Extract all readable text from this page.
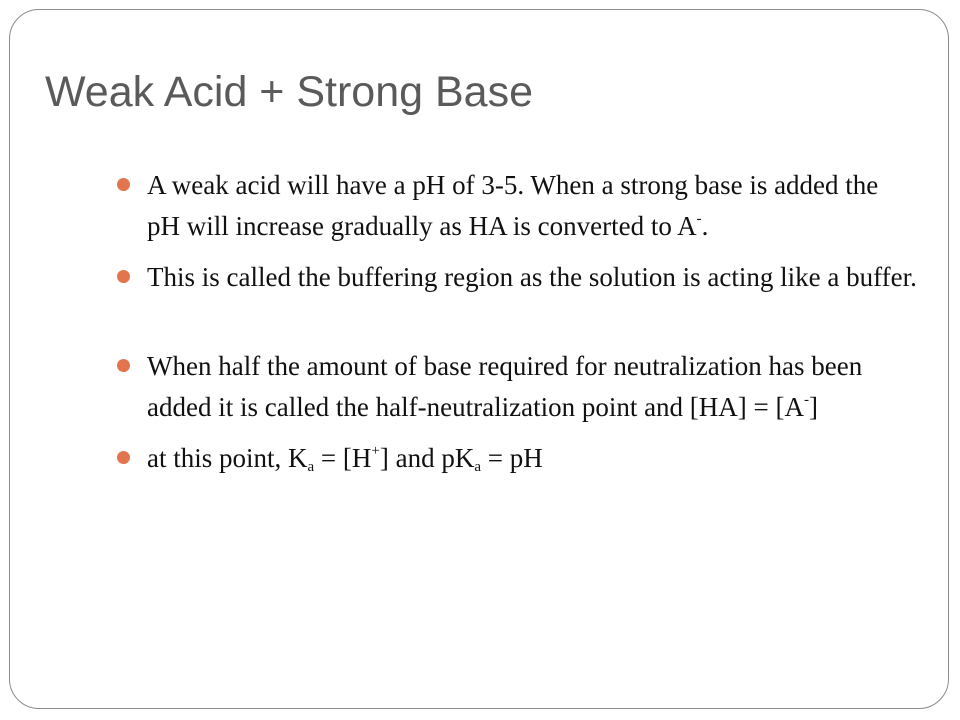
Weak Acid + Strong Base
A weak acid will have a pH of 3-5. When a strong base is added the pH will increase gradually as HA is converted to A-.
This is called the buffering region as the solution is acting like a buffer.
When half the amount of base required for neutralization has been added it is called the half-neutralization point and [HA] = [A-]
at this point, $K_a = [H^+]$ and $pK_a$ = pH
